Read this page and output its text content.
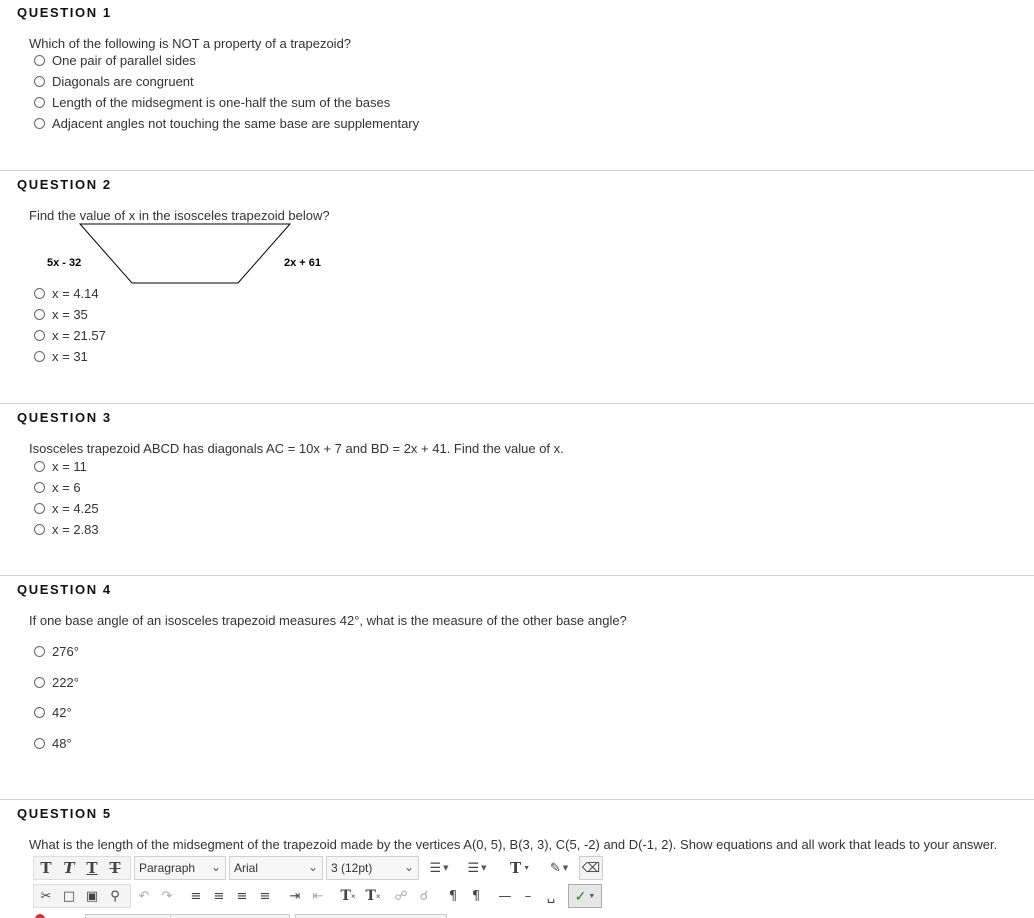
QUESTION 1
Which of the following is NOT a property of a trapezoid?
One pair of parallel sides
Diagonals are congruent
Length of the midsegment is one-half the sum of the bases
Adjacent angles not touching the same base are supplementary
QUESTION 2
Find the value of x in the isosceles trapezoid below?
5x - 32	2x + 61
x = 4.14
x = 35
x = 21.57
x = 31
QUESTION 3
Isosceles trapezoid ABCD has diagonals AC = 10x + 7 and BD = 2x + 41. Find the value of x.
x = 11
x = 6
x = 4.25
x = 2.83
QUESTION 4
If one base angle of an isosceles trapezoid measures 42°, what is the measure of the other base angle?
276°
222°
42°
48°
QUESTION 5
What is the length of the midsegment of the trapezoid made by the vertices A(0, 5), B(3, 3), C(5, -2) and D(-1, 2). Show equations and all work that leads to your answer.
T T T T Paragraph ⌄ Arial	⌄ 3 (12pt)	⌄ ☰ ▼ ☰ ▼ T ▼ ✎ ▼ ⌫
✂ □ ▣ ⚲ ↶ ↷ ≡ ≡ ≡ ≡ ⇥ ⇤ T × T × ☍ ☌ ¶ ¶ — – ␣ ✓ ▼
